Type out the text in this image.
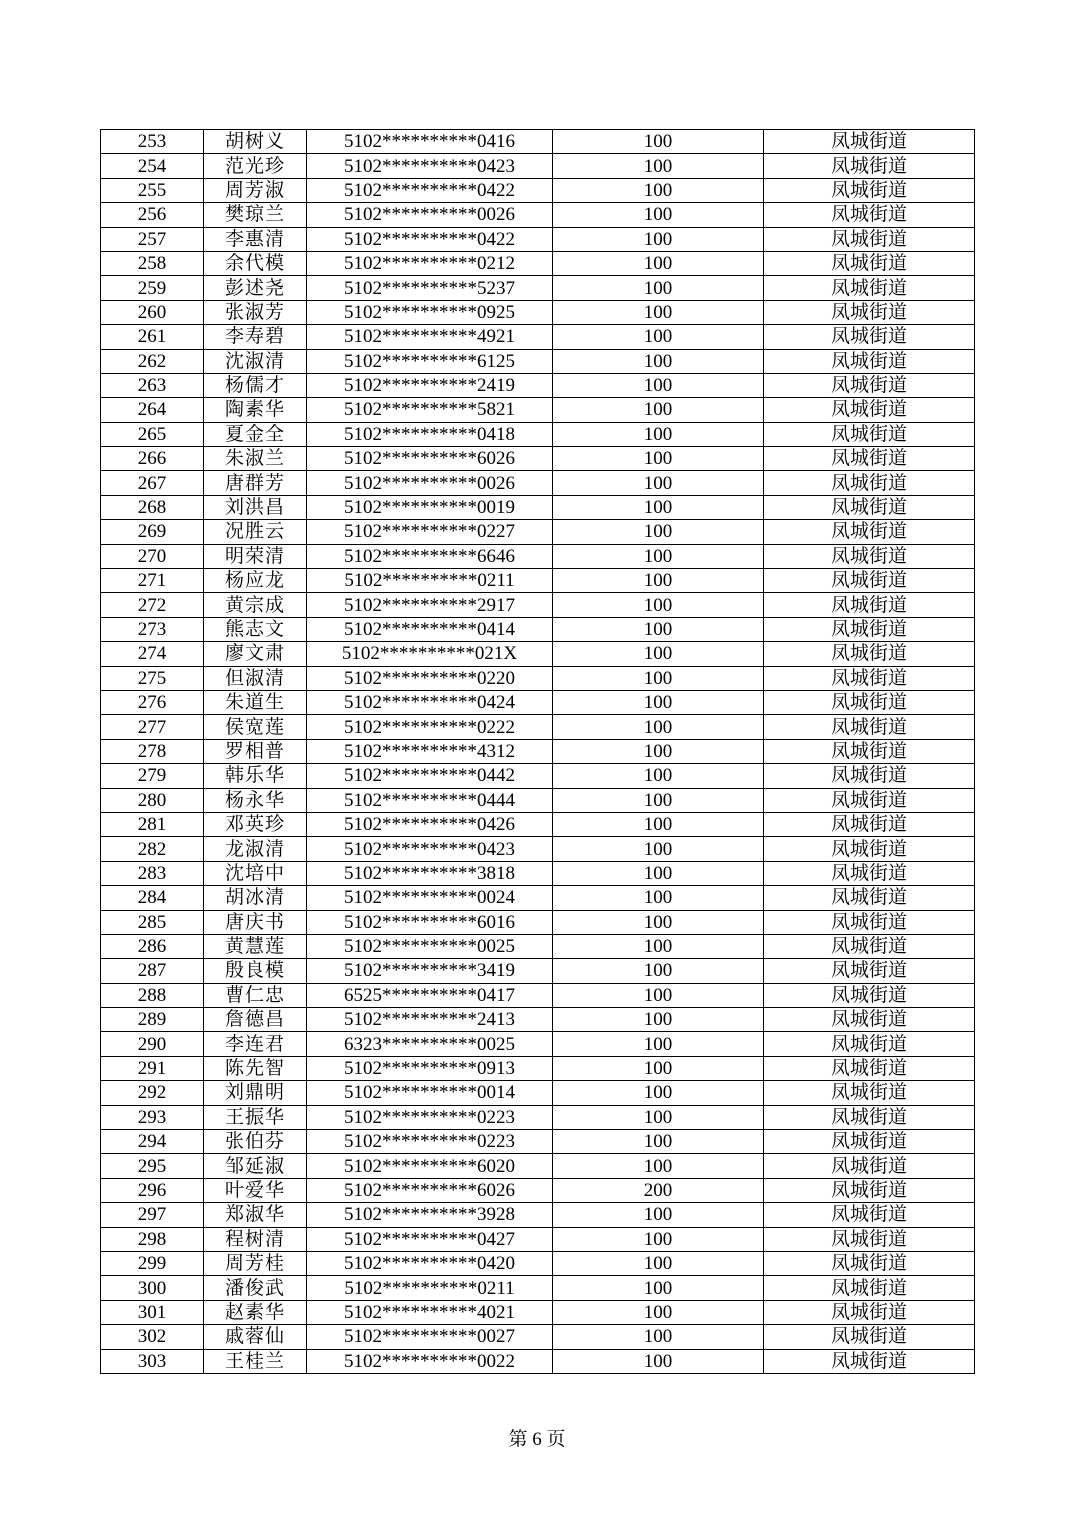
253	胡树义	5102**********0416	100	凤城街道
254	范光珍	5102**********0423	100	凤城街道
255	周芳淑	5102**********0422	100	凤城街道
256	樊琼兰	5102**********0026	100	凤城街道
257	李惠清	5102**********0422	100	凤城街道
258	余代模	5102**********0212	100	凤城街道
259	彭述尧	5102**********5237	100	凤城街道
260	张淑芳	5102**********0925	100	凤城街道
261	李寿碧	5102**********4921	100	凤城街道
262	沈淑清	5102**********6125	100	凤城街道
263	杨儒才	5102**********2419	100	凤城街道
264	陶素华	5102**********5821	100	凤城街道
265	夏金全	5102**********0418	100	凤城街道
266	朱淑兰	5102**********6026	100	凤城街道
267	唐群芳	5102**********0026	100	凤城街道
268	刘洪昌	5102**********0019	100	凤城街道
269	况胜云	5102**********0227	100	凤城街道
270	明荣清	5102**********6646	100	凤城街道
271	杨应龙	5102**********0211	100	凤城街道
272	黄宗成	5102**********2917	100	凤城街道
273	熊志文	5102**********0414	100	凤城街道
274	廖文肃	5102**********021X	100	凤城街道
275	但淑清	5102**********0220	100	凤城街道
276	朱道生	5102**********0424	100	凤城街道
277	侯宽莲	5102**********0222	100	凤城街道
278	罗相普	5102**********4312	100	凤城街道
279	韩乐华	5102**********0442	100	凤城街道
280	杨永华	5102**********0444	100	凤城街道
281	邓英珍	5102**********0426	100	凤城街道
282	龙淑清	5102**********0423	100	凤城街道
283	沈培中	5102**********3818	100	凤城街道
284	胡冰清	5102**********0024	100	凤城街道
285	唐庆书	5102**********6016	100	凤城街道
286	黄慧莲	5102**********0025	100	凤城街道
287	殷良模	5102**********3419	100	凤城街道
288	曹仁忠	6525**********0417	100	凤城街道
289	詹德昌	5102**********2413	100	凤城街道
290	李连君	6323**********0025	100	凤城街道
291	陈先智	5102**********0913	100	凤城街道
292	刘鼎明	5102**********0014	100	凤城街道
293	王振华	5102**********0223	100	凤城街道
294	张伯芬	5102**********0223	100	凤城街道
295	邹延淑	5102**********6020	100	凤城街道
296	叶爱华	5102**********6026	200	凤城街道
297	郑淑华	5102**********3928	100	凤城街道
298	程树清	5102**********0427	100	凤城街道
299	周芳桂	5102**********0420	100	凤城街道
300	潘俊武	5102**********0211	100	凤城街道
301	赵素华	5102**********4021	100	凤城街道
302	戚蓉仙	5102**********0027	100	凤城街道
303	王桂兰	5102**********0022	100	凤城街道
第 6 页
